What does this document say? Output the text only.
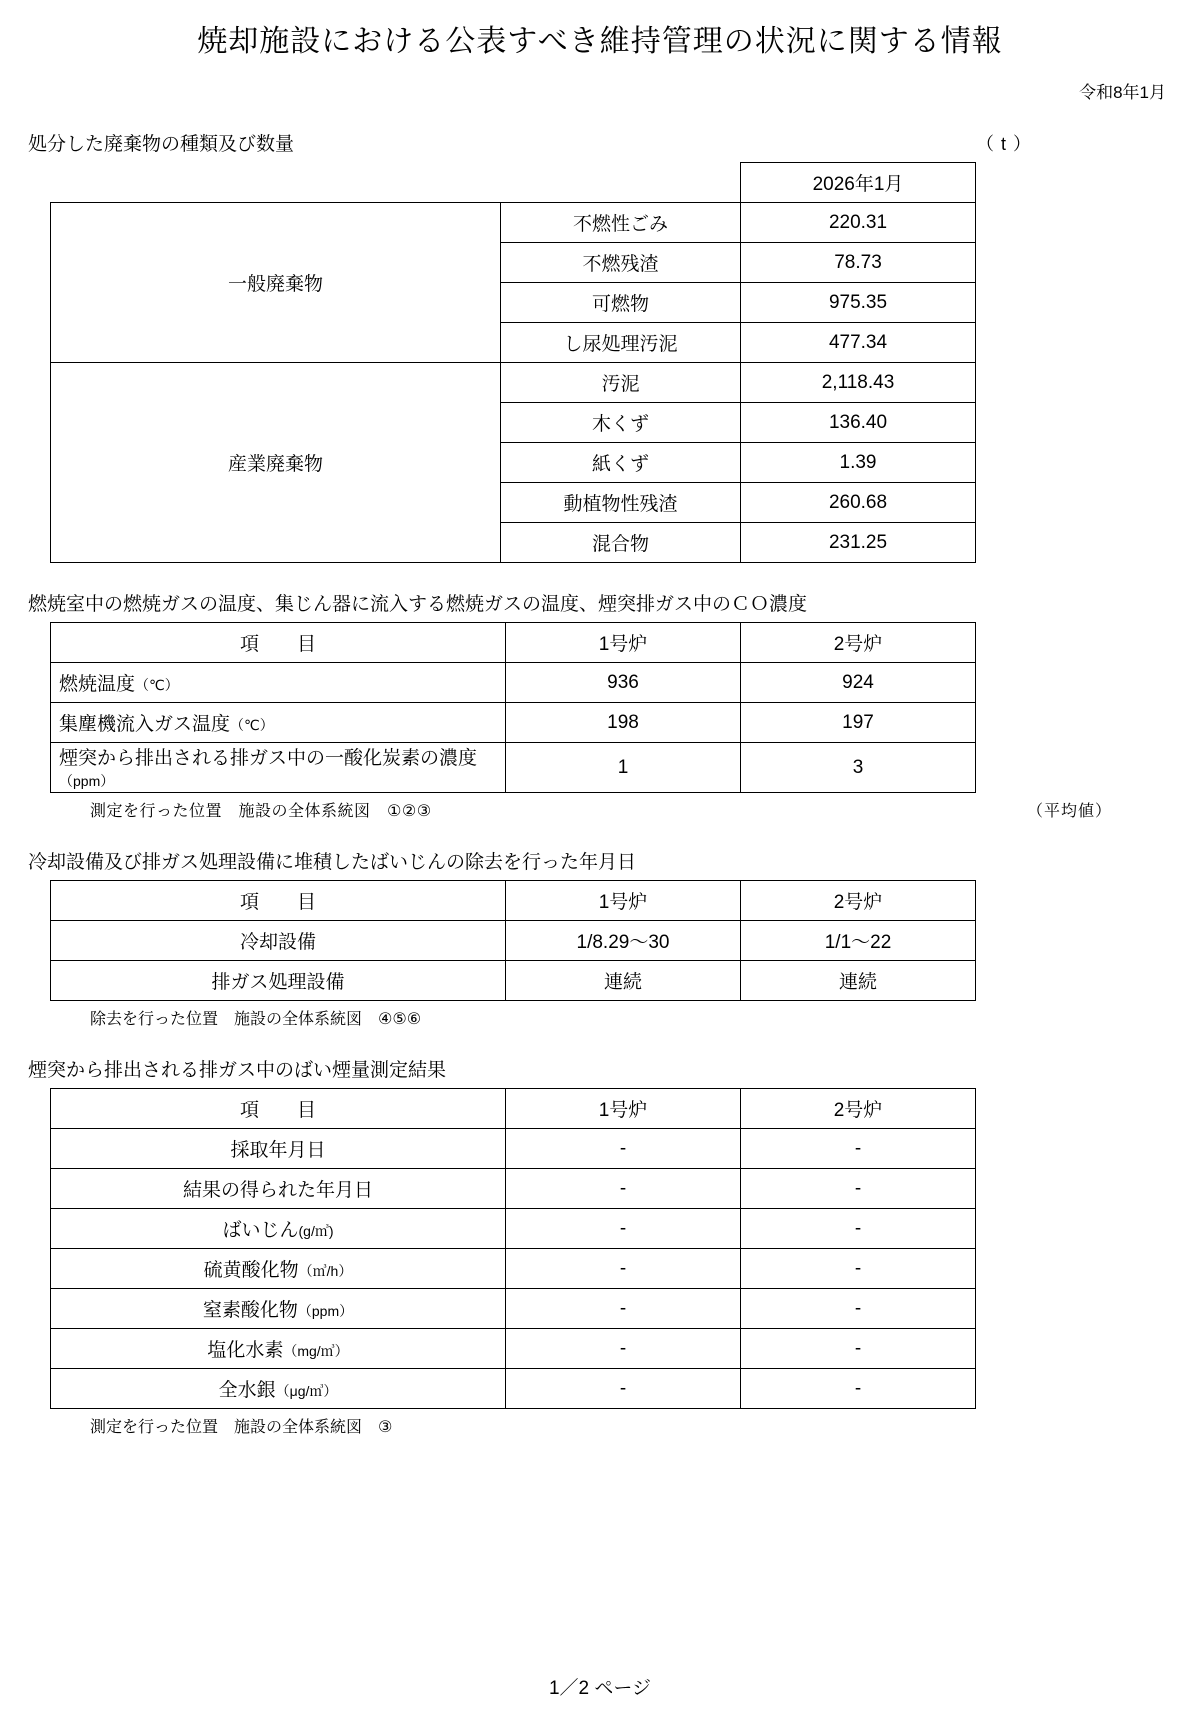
焼却施設における公表すべき維持管理の状況に関する情報
令和8年1月
処分した廃棄物の種類及び数量	（ t ）
		2026年1月
一般廃棄物	不燃性ごみ	220.31
	不燃残渣	78.73
	可燃物	975.35
	し尿処理汚泥	477.34
産業廃棄物	汚泥	2,118.43
	木くず	136.40
	紙くず	1.39
	動植物性残渣	260.68
	混合物	231.25
燃焼室中の燃焼ガスの温度、集じん器に流入する燃焼ガスの温度、煙突排ガス中のＣＯ濃度
項　　目	1号炉	2号炉
燃焼温度（℃）	936	924
集塵機流入ガス温度（℃）	198	197
煙突から排出される排ガス中の一酸化炭素の濃度（ppm）	1	3
測定を行った位置　施設の全体系統図　①②③	（平均値）
冷却設備及び排ガス処理設備に堆積したばいじんの除去を行った年月日
項　　目	1号炉	2号炉
冷却設備	1/8.29〜30	1/1〜22
排ガス処理設備	連続	連続
除去を行った位置　施設の全体系統図　④⑤⑥
煙突から排出される排ガス中のばい煙量測定結果
項　　目	1号炉	2号炉
採取年月日	-	-
結果の得られた年月日	-	-
ばいじん(g/㎥)	-	-
硫黄酸化物（㎥/h）	-	-
窒素酸化物（ppm）	-	-
塩化水素（mg/㎥）	-	-
全水銀（μg/㎥）	-	-
測定を行った位置　施設の全体系統図　③
1／2 ページ
